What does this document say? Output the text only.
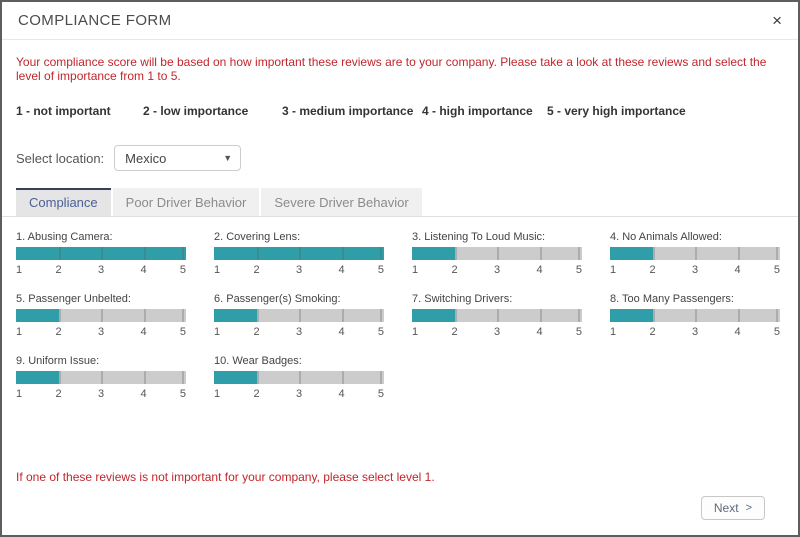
COMPLIANCE FORM	×
Your compliance score will be based on how important these reviews are to your company. Please take a look at these reviews and select the level of importance from 1 to 5.
1 - not important	2 - low importance	3 - medium importance 4 - high importance	5 - very high importance
Select location: Mexico	▼
Compliance	Poor Driver Behavior	Severe Driver Behavior
1. Abusing Camera:
1	2	3	4	5
2. Covering Lens:
1	2	3	4	5
3. Listening To Loud Music:
1	2	3	4	5
4. No Animals Allowed:
1	2	3	4	5
5. Passenger Unbelted:
1	2	3	4	5
6. Passenger(s) Smoking:
1	2	3	4	5
7. Switching Drivers:
1	2	3	4	5
8. Too Many Passengers:
1	2	3	4	5
9. Uniform Issue:
1	2	3	4	5
10. Wear Badges:
1	2	3	4	5
If one of these reviews is not important for your company, please select level 1.
Next >
